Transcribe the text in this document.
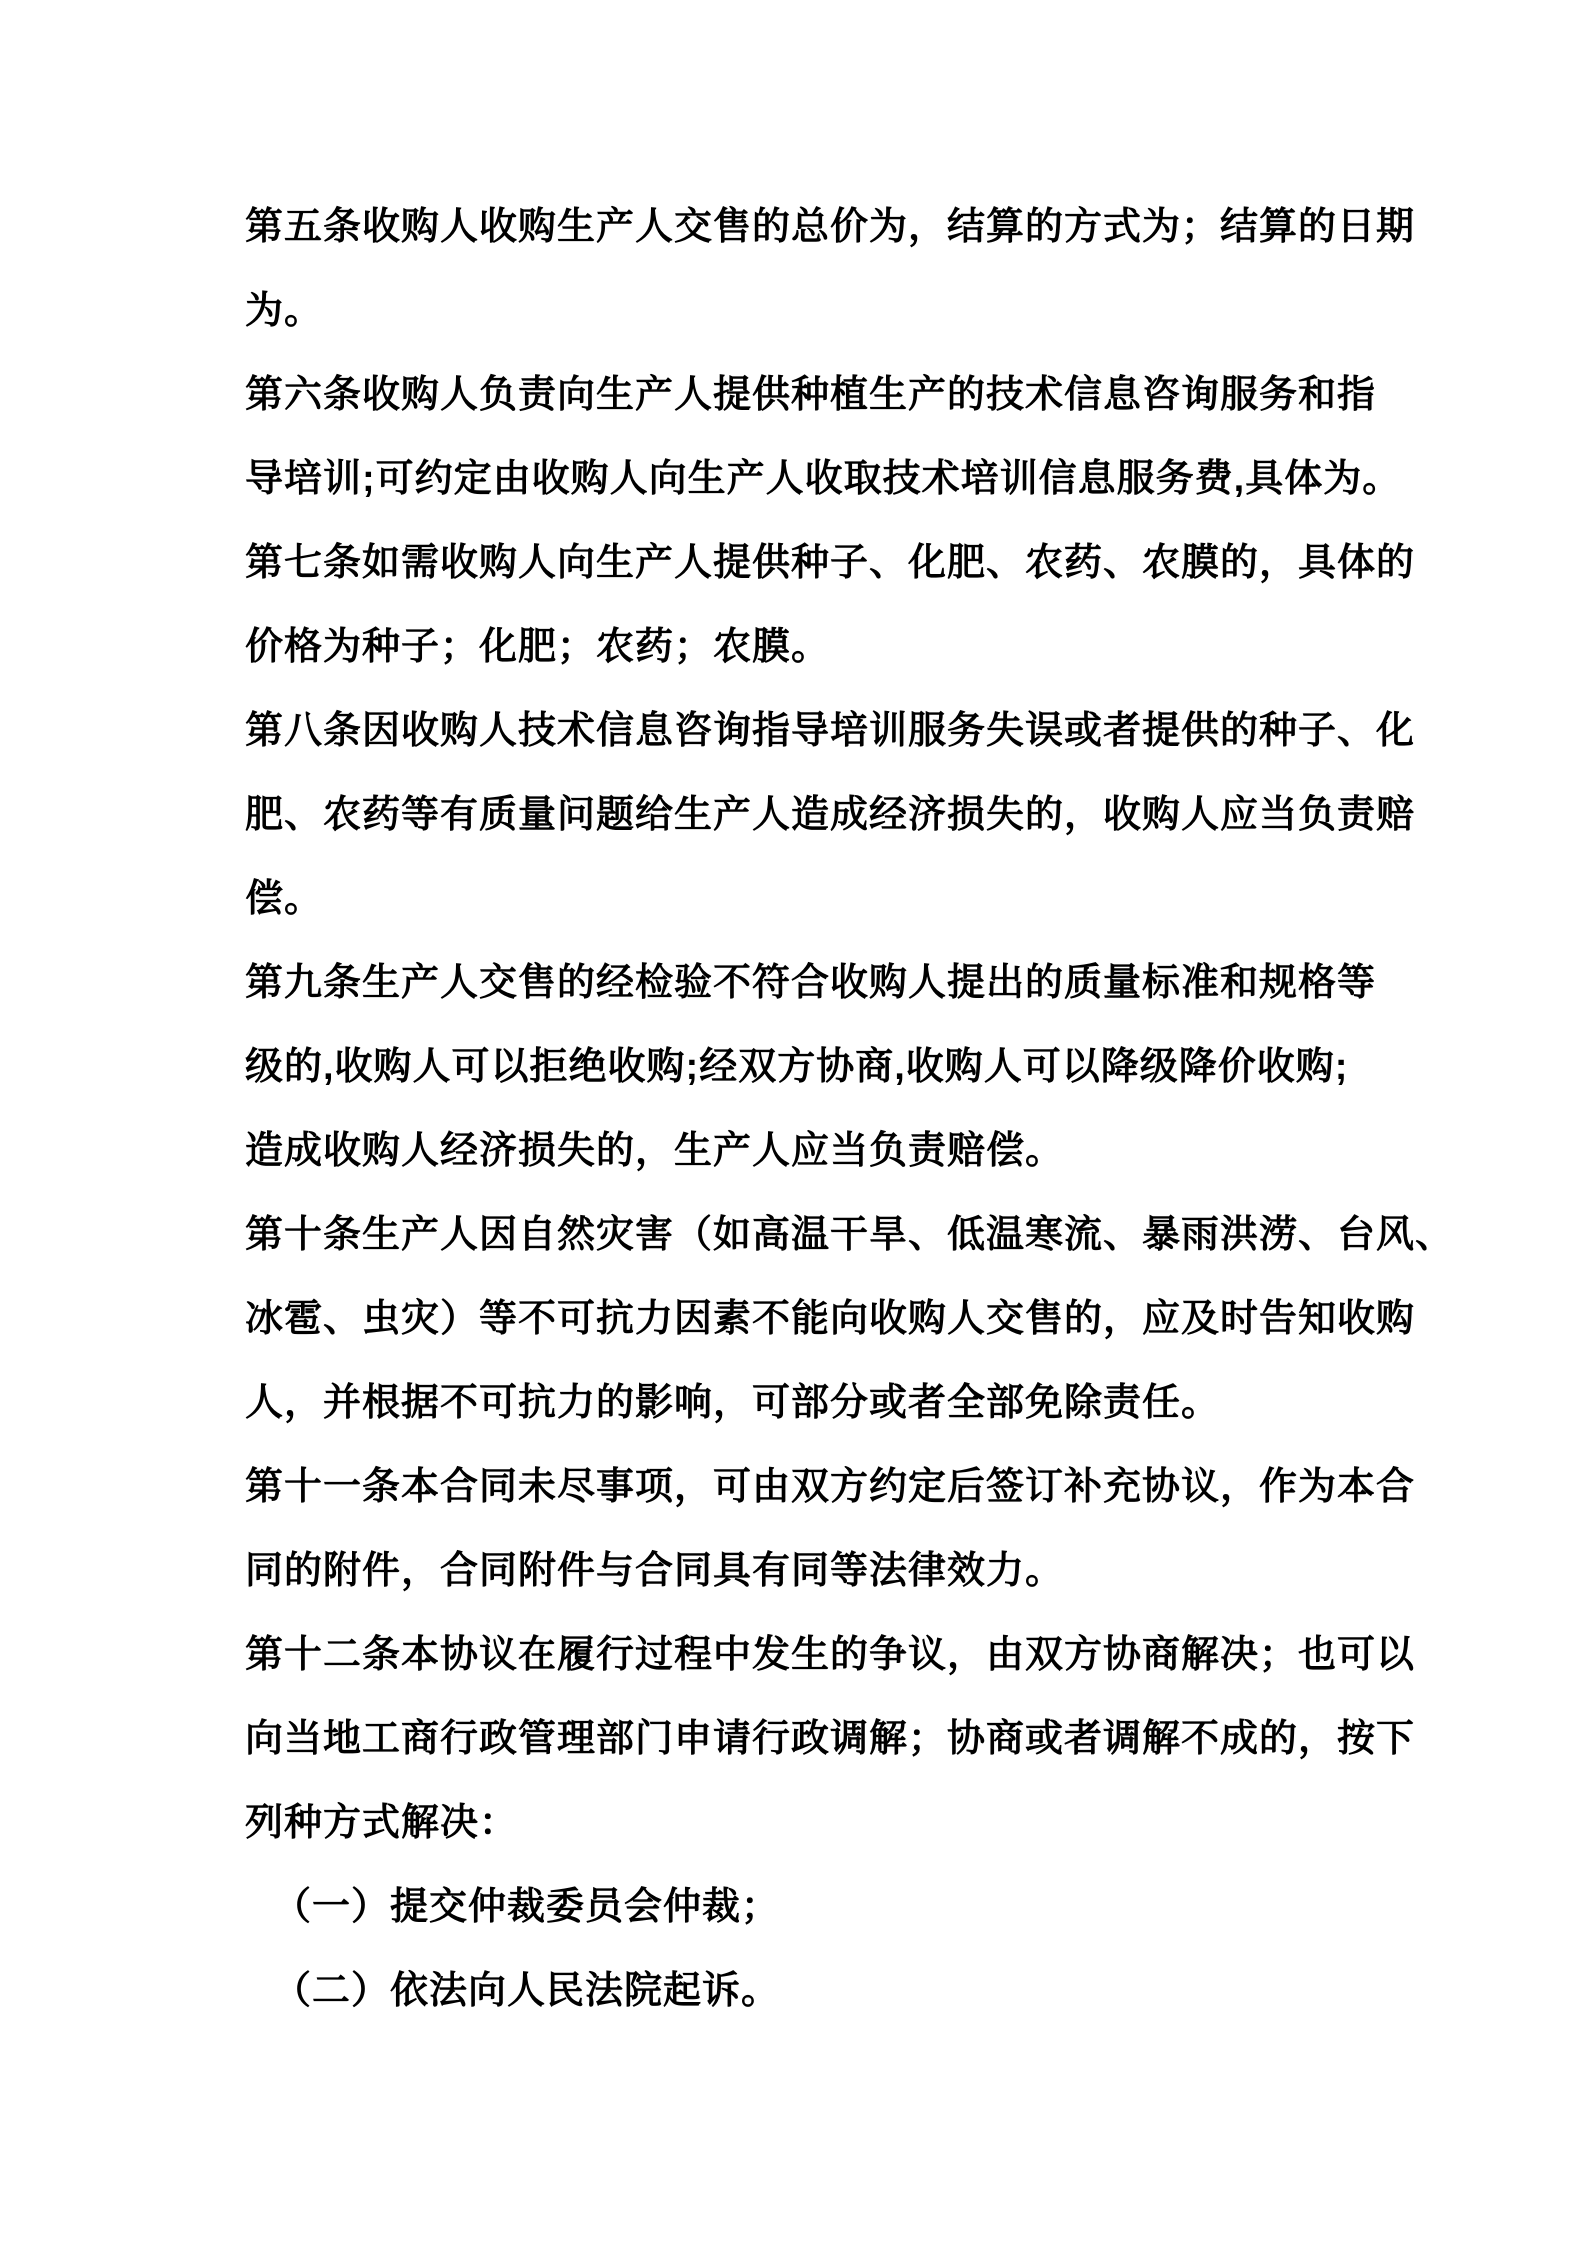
第五条收购人收购生产人交售的总价为，结算的方式为；结算的日期
为。
第六条收购人负责向生产人提供种植生产的技术信息咨询服务和指
导培训;可约定由收购人向生产人收取技术培训信息服务费,具体为。
第七条如需收购人向生产人提供种子、化肥、农药、农膜的，具体的
价格为种子；化肥；农药；农膜。
第八条因收购人技术信息咨询指导培训服务失误或者提供的种子、化
肥、农药等有质量问题给生产人造成经济损失的，收购人应当负责赔
偿。
第九条生产人交售的经检验不符合收购人提出的质量标准和规格等
级的,收购人可以拒绝收购;经双方协商,收购人可以降级降价收购;
造成收购人经济损失的，生产人应当负责赔偿。
第十条生产人因自然灾害（如高温干旱、低温寒流、暴雨洪涝、台风、
冰雹、虫灾）等不可抗力因素不能向收购人交售的，应及时告知收购
人，并根据不可抗力的影响，可部分或者全部免除责任。
第十一条本合同未尽事项，可由双方约定后签订补充协议，作为本合
同的附件，合同附件与合同具有同等法律效力。
第十二条本协议在履行过程中发生的争议，由双方协商解决；也可以
向当地工商行政管理部门申请行政调解；协商或者调解不成的，按下
列种方式解决：
（一）提交仲裁委员会仲裁；
（二）依法向人民法院起诉。
